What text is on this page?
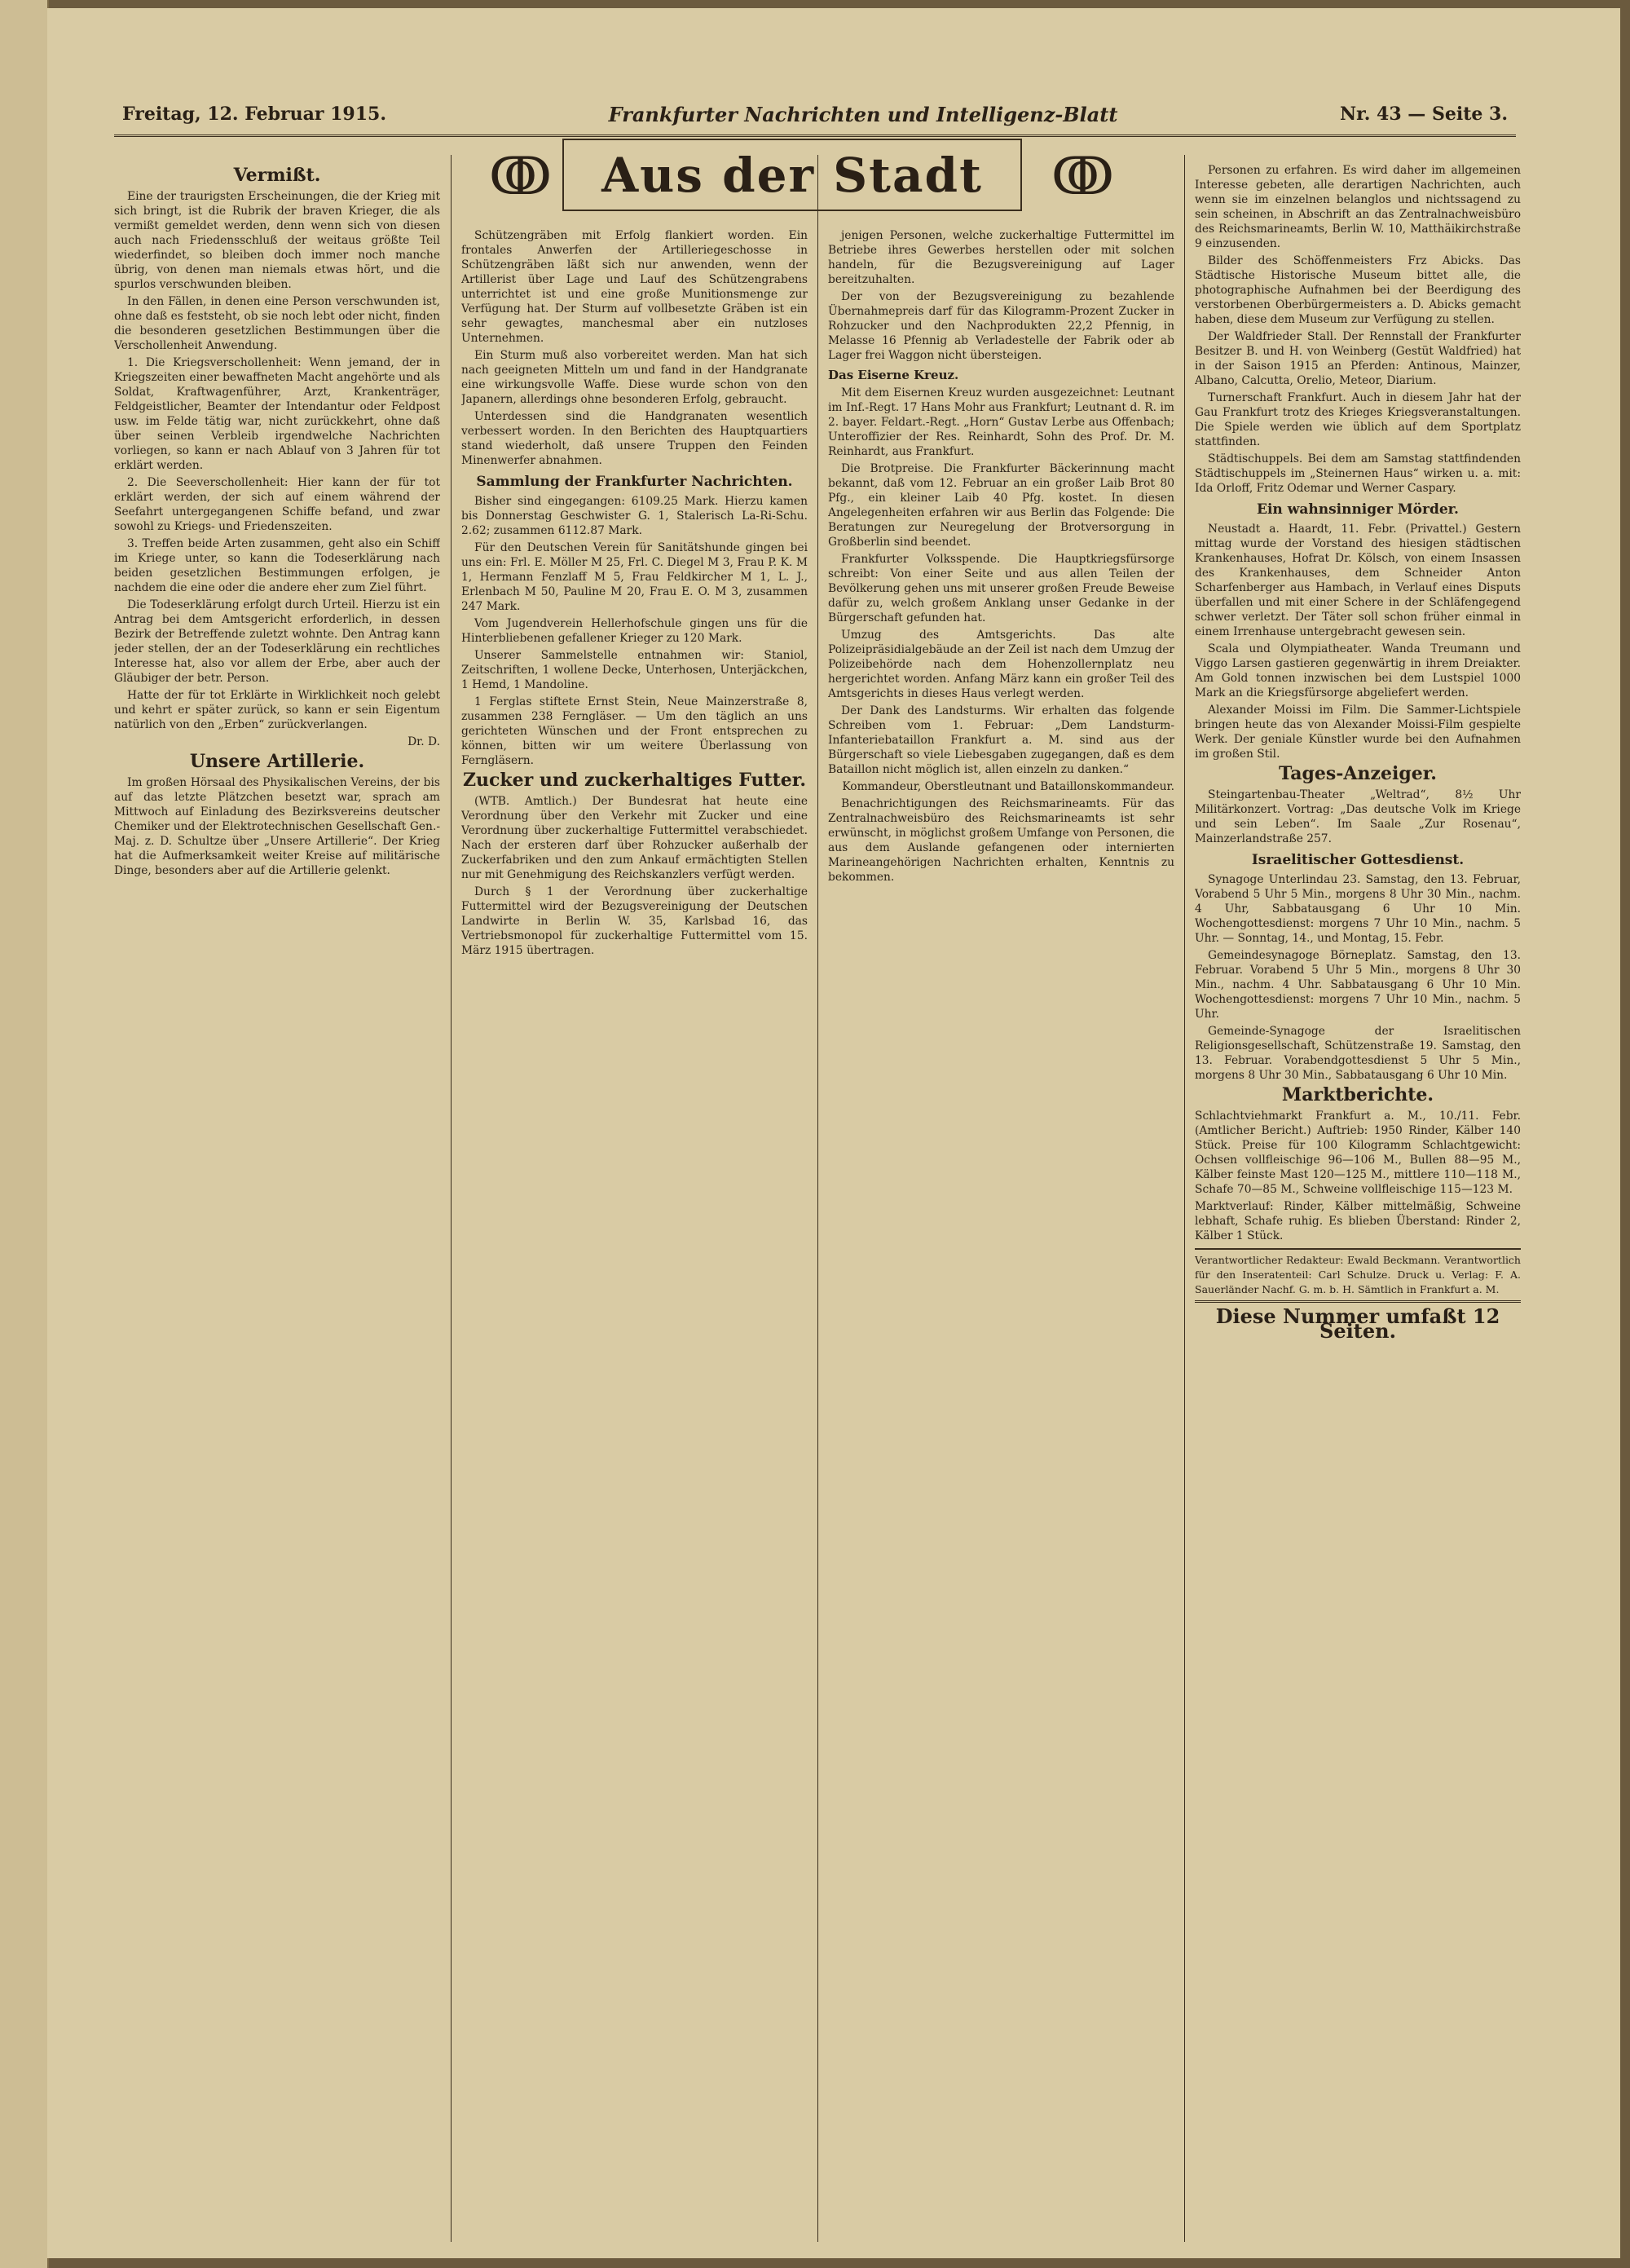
Freitag, 12. Februar 1915.	Frankfurter Nachrichten und Intelligenz-Blatt	Nr. 43 — Seite 3.
ↂ	Aus der Stadt	ↂ
Vermißt.

Eine der traurigsten Erscheinungen, die der Krieg mit sich bringt, ist die Rubrik der braven Krieger, die als vermißt gemeldet werden, denn wenn sich von diesen auch nach Friedensschluß der weitaus größte Teil wiederfindet, so bleiben doch immer noch manche übrig, von denen man niemals etwas hört, und die spurlos verschwunden bleiben.

In den Fällen, in denen eine Person verschwunden ist, ohne daß es feststeht, ob sie noch lebt oder nicht, finden die besonderen gesetzlichen Bestimmungen über die Verschollenheit Anwendung.

1. Die Kriegsverschollenheit: Wenn jemand, der in Kriegszeiten einer bewaffneten Macht angehörte und als Soldat, Kraftwagenführer, Arzt, Krankenträger, Feldgeistlicher, Beamter der Intendantur oder Feldpost usw. im Felde tätig war, nicht zurückkehrt, ohne daß über seinen Verbleib irgendwelche Nachrichten vorliegen, so kann er nach Ablauf von 3 Jahren für tot erklärt werden.

2. Die Seeverschollenheit: Hier kann der für tot erklärt werden, der sich auf einem während der Seefahrt untergegangenen Schiffe befand, und zwar sowohl zu Kriegs- und Friedenszeiten.

3. Treffen beide Arten zusammen, geht also ein Schiff im Kriege unter, so kann die Todeserklärung nach beiden gesetzlichen Bestimmungen erfolgen, je nachdem die eine oder die andere eher zum Ziel führt.

Die Todeserklärung erfolgt durch Urteil. Hierzu ist ein Antrag bei dem Amtsgericht erforderlich, in dessen Bezirk der Betreffende zuletzt wohnte. Den Antrag kann jeder stellen, der an der Todeserklärung ein rechtliches Interesse hat, also vor allem der Erbe, aber auch der Gläubiger der betr. Person.

Hatte der für tot Erklärte in Wirklichkeit noch gelebt und kehrt er später zurück, so kann er sein Eigentum natürlich von den „Erben“ zurückverlangen.

Dr. D.

Unsere Artillerie.

Im großen Hörsaal des Physikalischen Vereins, der bis auf das letzte Plätzchen besetzt war, sprach am Mittwoch auf Einladung des Bezirksvereins deutscher Chemiker und der Elektrotechnischen Gesellschaft Gen.-Maj. z. D. Schultze über „Unsere Artillerie“. Der Krieg hat die Aufmerksamkeit weiter Kreise auf militärische Dinge, besonders aber auf die Artillerie gelenkt.

Schützengräben mit Erfolg flankiert worden. Ein frontales Anwerfen der Artilleriegeschosse in Schützengräben läßt sich nur anwenden, wenn der Artillerist über Lage und Lauf des Schützengrabens unterrichtet ist und eine große Munitionsmenge zur Verfügung hat. Der Sturm auf vollbesetzte Gräben ist ein sehr gewagtes, manchesmal aber ein nutzloses Unternehmen.

Ein Sturm muß also vorbereitet werden. Man hat sich nach geeigneten Mitteln um und fand in der Handgranate eine wirkungsvolle Waffe. Diese wurde schon von den Japanern, allerdings ohne besonderen Erfolg, gebraucht.

Unterdessen sind die Handgranaten wesentlich verbessert worden. In den Berichten des Hauptquartiers stand wiederholt, daß unsere Truppen den Feinden Minenwerfer abnahmen.

Sammlung der Frankfurter Nachrichten.

Bisher sind eingegangen: 6109.25 Mark. Hierzu kamen bis Donnerstag Geschwister G. 1, Stalerisch La-Ri-Schu. 2.62; zusammen 6112.87 Mark.

Für den Deutschen Verein für Sanitätshunde gingen bei uns ein: Frl. E. Möller M 25, Frl. C. Diegel M 3, Frau P. K. M 1, Hermann Fenzlaff M 5, Frau Feldkircher M 1, L. J., Erlenbach M 50, Pauline M 20, Frau E. O. M 3, zusammen 247 Mark.

Vom Jugendverein Hellerhofschule gingen uns für die Hinterbliebenen gefallener Krieger zu 120 Mark.

Unserer Sammelstelle entnahmen wir: Staniol, Zeitschriften, 1 wollene Decke, Unterhosen, Unterjäckchen, 1 Hemd, 1 Mandoline.

1 Ferglas stiftete Ernst Stein, Neue Mainzerstraße 8, zusammen 238 Ferngläser. — Um den täglich an uns gerichteten Wünschen und der Front entsprechen zu können, bitten wir um weitere Überlassung von Ferngläsern.

Zucker und zuckerhaltiges Futter.

(WTB. Amtlich.) Der Bundesrat hat heute eine Verordnung über den Verkehr mit Zucker und eine Verordnung über zuckerhaltige Futtermittel verabschiedet. Nach der ersteren darf über Rohzucker außerhalb der Zuckerfabriken und den zum Ankauf ermächtigten Stellen nur mit Genehmigung des Reichskanzlers verfügt werden.

Durch § 1 der Verordnung über zuckerhaltige Futtermittel wird der Bezugsvereinigung der Deutschen Landwirte in Berlin W. 35, Karlsbad 16, das Vertriebsmonopol für zuckerhaltige Futtermittel vom 15. März 1915 übertragen.

jenigen Personen, welche zuckerhaltige Futtermittel im Betriebe ihres Gewerbes herstellen oder mit solchen handeln, für die Bezugsvereinigung auf Lager bereitzuhalten.

Der von der Bezugsvereinigung zu bezahlende Übernahmepreis darf für das Kilogramm-Prozent Zucker in Rohzucker und den Nachprodukten 22,2 Pfennig, in Melasse 16 Pfennig ab Verladestelle der Fabrik oder ab Lager frei Waggon nicht übersteigen.

Das Eiserne Kreuz.

Mit dem Eisernen Kreuz wurden ausgezeichnet: Leutnant im Inf.-Regt. 17 Hans Mohr aus Frankfurt; Leutnant d. R. im 2. bayer. Feldart.-Regt. „Horn“ Gustav Lerbe aus Offenbach; Unteroffizier der Res. Reinhardt, Sohn des Prof. Dr. M. Reinhardt, aus Frankfurt.

Die Brotpreise. Die Frankfurter Bäckerinnung macht bekannt, daß vom 12. Februar an ein großer Laib Brot 80 Pfg., ein kleiner Laib 40 Pfg. kostet. In diesen Angelegenheiten erfahren wir aus Berlin das Folgende: Die Beratungen zur Neuregelung der Brotversorgung in Großberlin sind beendet.

Frankfurter Volksspende. Die Hauptkriegsfürsorge schreibt: Von einer Seite und aus allen Teilen der Bevölkerung gehen uns mit unserer großen Freude Beweise dafür zu, welch großem Anklang unser Gedanke in der Bürgerschaft gefunden hat.

Umzug des Amtsgerichts. Das alte Polizeipräsidialgebäude an der Zeil ist nach dem Umzug der Polizeibehörde nach dem Hohenzollernplatz neu hergerichtet worden. Anfang März kann ein großer Teil des Amtsgerichts in dieses Haus verlegt werden.

Der Dank des Landsturms. Wir erhalten das folgende Schreiben vom 1. Februar: „Dem Landsturm-Infanteriebataillon Frankfurt a. M. sind aus der Bürgerschaft so viele Liebesgaben zugegangen, daß es dem Bataillon nicht möglich ist, allen einzeln zu danken.“

Kommandeur, Oberstleutnant und Bataillonskommandeur.

Benachrichtigungen des Reichsmarineamts. Für das Zentralnachweisbüro des Reichsmarineamts ist sehr erwünscht, in möglichst großem Umfange von Personen, die aus dem Auslande gefangenen oder internierten Marineangehörigen Nachrichten erhalten, Kenntnis zu bekommen.

Personen zu erfahren. Es wird daher im allgemeinen Interesse gebeten, alle derartigen Nachrichten, auch wenn sie im einzelnen belanglos und nichtssagend zu sein scheinen, in Abschrift an das Zentralnachweisbüro des Reichsmarineamts, Berlin W. 10, Matthäikirchstraße 9 einzusenden.

Bilder des Schöffenmeisters Frz Abicks. Das Städtische Historische Museum bittet alle, die photographische Aufnahmen bei der Beerdigung des verstorbenen Oberbürgermeisters a. D. Abicks gemacht haben, diese dem Museum zur Verfügung zu stellen.

Der Waldfrieder Stall. Der Rennstall der Frankfurter Besitzer B. und H. von Weinberg (Gestüt Waldfried) hat in der Saison 1915 an Pferden: Antinous, Mainzer, Albano, Calcutta, Orelio, Meteor, Diarium.

Turnerschaft Frankfurt. Auch in diesem Jahr hat der Gau Frankfurt trotz des Krieges Kriegsveranstaltungen. Die Spiele werden wie üblich auf dem Sportplatz stattfinden.

Städtischuppels. Bei dem am Samstag stattfindenden Städtischuppels im „Steinernen Haus“ wirken u. a. mit: Ida Orloff, Fritz Odemar und Werner Caspary.

Ein wahnsinniger Mörder.

Neustadt a. Haardt, 11. Febr. (Privattel.) Gestern mittag wurde der Vorstand des hiesigen städtischen Krankenhauses, Hofrat Dr. Kölsch, von einem Insassen des Krankenhauses, dem Schneider Anton Scharfenberger aus Hambach, in Verlauf eines Disputs überfallen und mit einer Schere in der Schläfengegend schwer verletzt. Der Täter soll schon früher einmal in einem Irrenhause untergebracht gewesen sein.

Scala und Olympiatheater. Wanda Treumann und Viggo Larsen gastieren gegenwärtig in ihrem Dreiakter. Am Gold tonnen inzwischen bei dem Lustspiel 1000 Mark an die Kriegsfürsorge abgeliefert werden.

Alexander Moissi im Film. Die Sammer-Lichtspiele bringen heute das von Alexander Moissi-Film gespielte Werk. Der geniale Künstler wurde bei den Aufnahmen im großen Stil.

Tages-Anzeiger.

Steingartenbau-Theater „Weltrad“, 8½ Uhr Militärkonzert. Vortrag: „Das deutsche Volk im Kriege und sein Leben“. Im Saale „Zur Rosenau“, Mainzerlandstraße 257.

Israelitischer Gottesdienst.

Synagoge Unterlindau 23. Samstag, den 13. Februar, Vorabend 5 Uhr 5 Min., morgens 8 Uhr 30 Min., nachm. 4 Uhr, Sabbatausgang 6 Uhr 10 Min. Wochengottesdienst: morgens 7 Uhr 10 Min., nachm. 5 Uhr. — Sonntag, 14., und Montag, 15. Febr.

Gemeindesynagoge Börneplatz. Samstag, den 13. Februar. Vorabend 5 Uhr 5 Min., morgens 8 Uhr 30 Min., nachm. 4 Uhr. Sabbatausgang 6 Uhr 10 Min. Wochengottesdienst: morgens 7 Uhr 10 Min., nachm. 5 Uhr.

Gemeinde-Synagoge der Israelitischen Religionsgesellschaft, Schützenstraße 19. Samstag, den 13. Februar. Vorabendgottesdienst 5 Uhr 5 Min., morgens 8 Uhr 30 Min., Sabbatausgang 6 Uhr 10 Min.

Marktberichte.

Schlachtviehmarkt Frankfurt a. M., 10./11. Febr. (Amtlicher Bericht.) Auftrieb: 1950 Rinder, Kälber 140 Stück. Preise für 100 Kilogramm Schlachtgewicht: Ochsen vollfleischige 96—106 M., Bullen 88—95 M., Kälber feinste Mast 120—125 M., mittlere 110—118 M., Schafe 70—85 M., Schweine vollfleischige 115—123 M.

Marktverlauf: Rinder, Kälber mittelmäßig, Schweine lebhaft, Schafe ruhig. Es blieben Überstand: Rinder 2, Kälber 1 Stück.

Verantwortlicher Redakteur: Ewald Beckmann. Verantwortlich für den Inseratenteil: Carl Schulze. Druck u. Verlag: F. A. Sauerländer Nachf. G. m. b. H. Sämtlich in Frankfurt a. M.

Diese Nummer umfaßt 12 Seiten.
